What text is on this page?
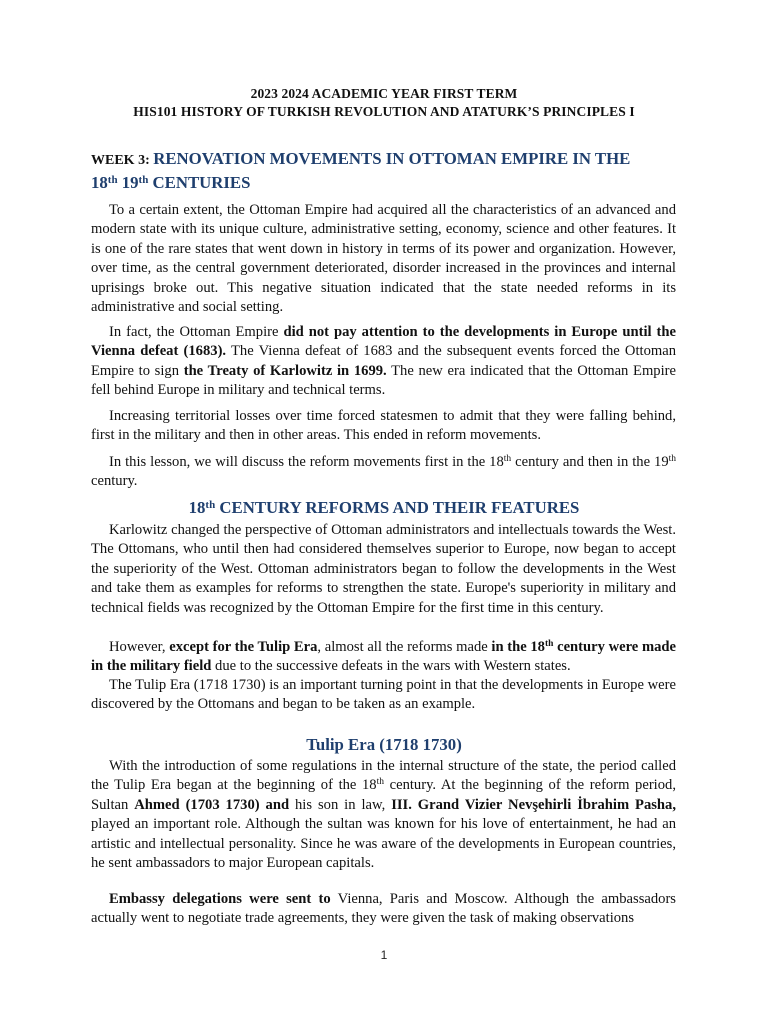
2023 2024 ACADEMIC YEAR FIRST TERM
HIS101 HISTORY OF TURKISH REVOLUTION AND ATATURK’S PRINCIPLES I
WEEK 3: RENOVATION MOVEMENTS IN OTTOMAN EMPIRE IN THE
18th 19th CENTURIES

To a certain extent, the Ottoman Empire had acquired all the characteristics of an advanced and modern state with its unique culture, administrative setting, economy, science and other features. It is one of the rare states that went down in history in terms of its power and organization. However, over time, as the central government deteriorated, disorder increased in the provinces and internal uprisings broke out. This negative situation indicated that the state needed reforms in its administrative and social setting.

In fact, the Ottoman Empire did not pay attention to the developments in Europe until the Vienna defeat (1683). The Vienna defeat of 1683 and the subsequent events forced the Ottoman Empire to sign the Treaty of Karlowitz in 1699. The new era indicated that the Ottoman Empire fell behind Europe in military and technical terms.

Increasing territorial losses over time forced statesmen to admit that they were falling behind, first in the military and then in other areas. This ended in reform movements.

In this lesson, we will discuss the reform movements first in the 18th century and then in the 19th century.

18th CENTURY REFORMS AND THEIR FEATURES

Karlowitz changed the perspective of Ottoman administrators and intellectuals towards the West. The Ottomans, who until then had considered themselves superior to Europe, now began to accept the superiority of the West. Ottoman administrators began to follow the developments in the West and take them as examples for reforms to strengthen the state. Europe's superiority in military and technical fields was recognized by the Ottoman Empire for the first time in this century.

However, except for the Tulip Era, almost all the reforms made in the 18th century were made in the military field due to the successive defeats in the wars with Western states.

The Tulip Era (1718 1730) is an important turning point in that the developments in Europe were discovered by the Ottomans and began to be taken as an example.

Tulip Era (1718 1730)

With the introduction of some regulations in the internal structure of the state, the period called the Tulip Era began at the beginning of the 18th century. At the beginning of the reform period, Sultan Ahmed (1703 1730) and his son in law, III. Grand Vizier Nevşehirli İbrahim Pasha, played an important role. Although the sultan was known for his love of entertainment, he had an artistic and intellectual personality. Since he was aware of the developments in European countries, he sent ambassadors to major European capitals.

Embassy delegations were sent to Vienna, Paris and Moscow. Although the ambassadors actually went to negotiate trade agreements, they were given the task of making observations

1
